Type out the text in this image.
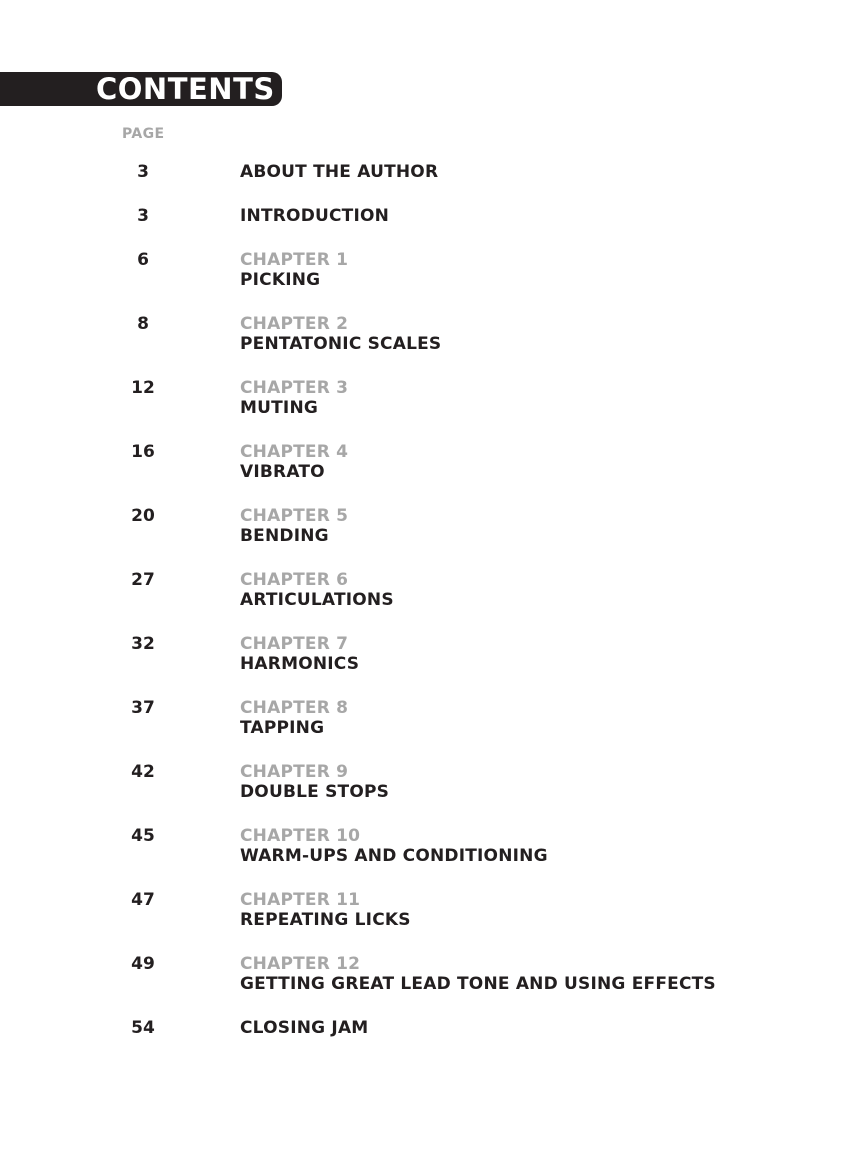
CONTENTS
PAGE
3	ABOUT THE AUTHOR
3	INTRODUCTION
6	CHAPTER 1
PICKING
8	CHAPTER 2
PENTATONIC SCALES
12	CHAPTER 3
MUTING
16	CHAPTER 4
VIBRATO
20	CHAPTER 5
BENDING
27	CHAPTER 6
ARTICULATIONS
32	CHAPTER 7
HARMONICS
37	CHAPTER 8
TAPPING
42	CHAPTER 9
DOUBLE STOPS
45	CHAPTER 10
WARM-UPS AND CONDITIONING
47	CHAPTER 11
REPEATING LICKS
49	CHAPTER 12
GETTING GREAT LEAD TONE AND USING EFFECTS
54	CLOSING JAM
